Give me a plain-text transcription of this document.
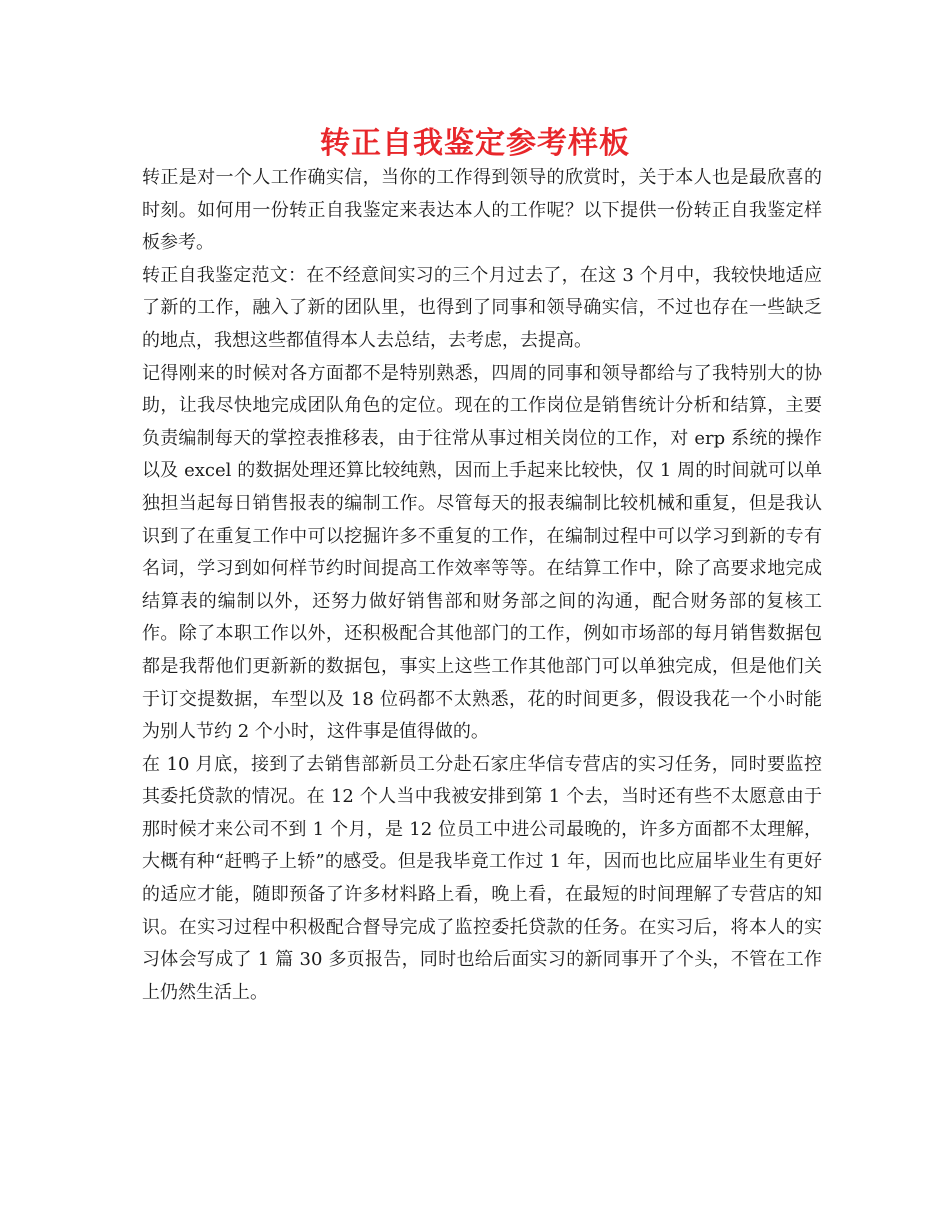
转正自我鉴定参考样板

转正是对一个人工作确实信，当你的工作得到领导的欣赏时，关于本人也是最欣喜的时刻。如何用一份转正自我鉴定来表达本人的工作呢？以下提供一份转正自我鉴定样板参考。

转正自我鉴定范文：在不经意间实习的三个月过去了，在这 3 个月中，我较快地适应了新的工作，融入了新的团队里，也得到了同事和领导确实信，不过也存在一些缺乏的地点，我想这些都值得本人去总结，去考虑，去提高。

记得刚来的时候对各方面都不是特别熟悉，四周的同事和领导都给与了我特别大的协助，让我尽快地完成团队角色的定位。现在的工作岗位是销售统计分析和结算，主要负责编制每天的掌控表推移表，由于往常从事过相关岗位的工作，对 erp 系统的操作以及 excel 的数据处理还算比较纯熟，因而上手起来比较快，仅 1 周的时间就可以单独担当起每日销售报表的编制工作。尽管每天的报表编制比较机械和重复，但是我认识到了在重复工作中可以挖掘许多不重复的工作，在编制过程中可以学习到新的专有名词，学习到如何样节约时间提高工作效率等等。在结算工作中，除了高要求地完成结算表的编制以外，还努力做好销售部和财务部之间的沟通，配合财务部的复核工作。除了本职工作以外，还积极配合其他部门的工作，例如市场部的每月销售数据包都是我帮他们更新新的数据包，事实上这些工作其他部门可以单独完成，但是他们关于订交提数据，车型以及 18 位码都不太熟悉，花的时间更多，假设我花一个小时能为别人节约 2 个小时，这件事是值得做的。

在 10 月底，接到了去销售部新员工分赴石家庄华信专营店的实习任务，同时要监控其委托贷款的情况。在 12 个人当中我被安排到第 1 个去，当时还有些不太愿意由于那时候才来公司不到 1 个月，是 12 位员工中进公司最晚的，许多方面都不太理解，大概有种“赶鸭子上轿”的感受。但是我毕竟工作过 1 年，因而也比应届毕业生有更好的适应才能，随即预备了许多材料路上看，晚上看，在最短的时间理解了专营店的知识。在实习过程中积极配合督导完成了监控委托贷款的任务。在实习后，将本人的实习体会写成了 1 篇 30 多页报告，同时也给后面实习的新同事开了个头，不管在工作上仍然生活上。
